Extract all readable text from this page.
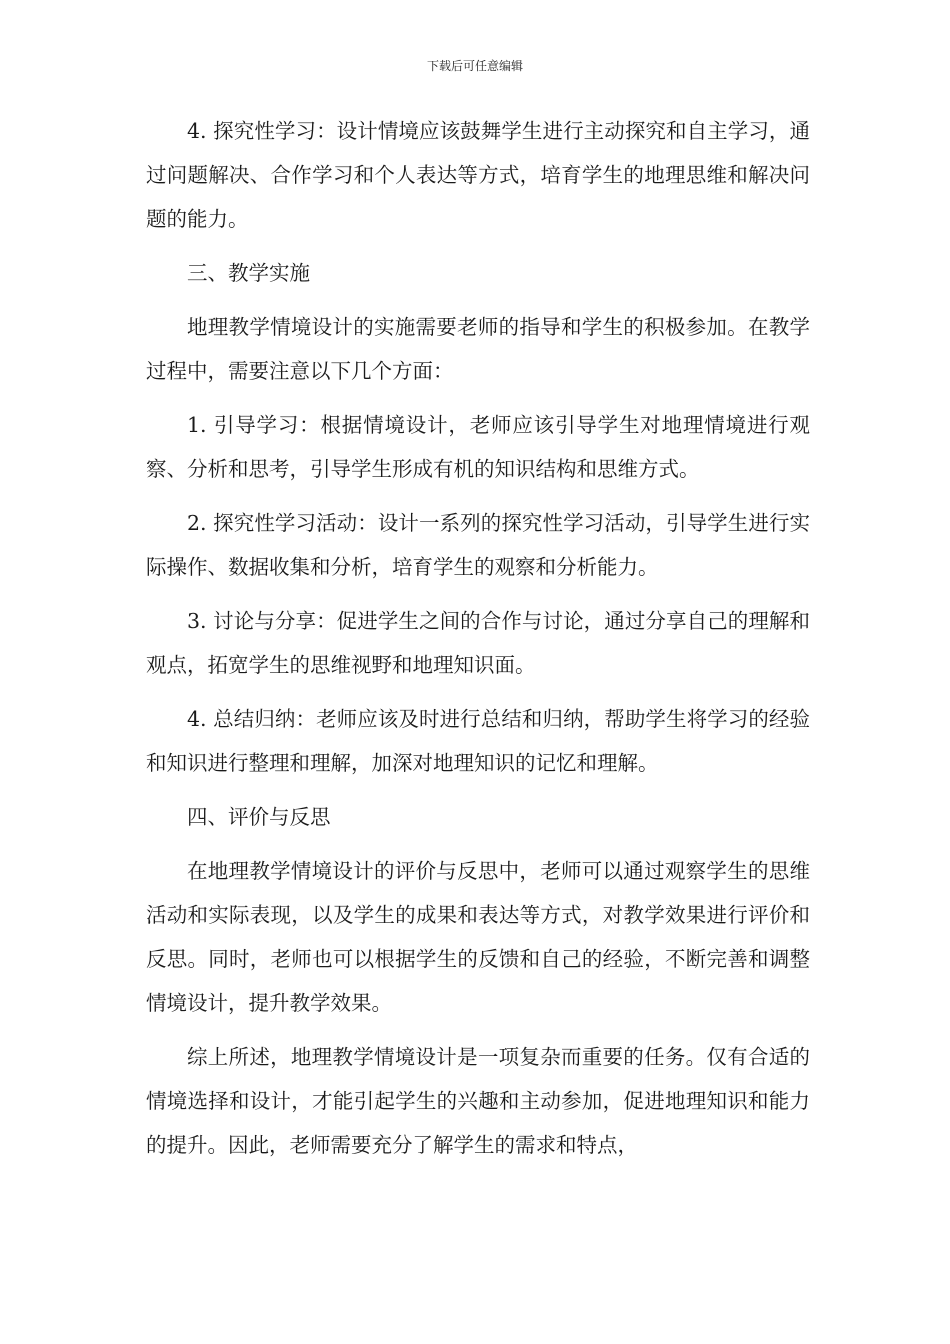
下载后可任意编辑

4. 探究性学习：设计情境应该鼓舞学生进行主动探究和自主学习，通过问题解决、合作学习和个人表达等方式，培育学生的地理思维和解决问题的能力。

三、教学实施

地理教学情境设计的实施需要老师的指导和学生的积极参加。在教学过程中，需要注意以下几个方面：

1. 引导学习：根据情境设计，老师应该引导学生对地理情境进行观察、分析和思考，引导学生形成有机的知识结构和思维方式。

2. 探究性学习活动：设计一系列的探究性学习活动，引导学生进行实际操作、数据收集和分析，培育学生的观察和分析能力。

3. 讨论与分享：促进学生之间的合作与讨论，通过分享自己的理解和观点，拓宽学生的思维视野和地理知识面。

4. 总结归纳：老师应该及时进行总结和归纳，帮助学生将学习的经验和知识进行整理和理解，加深对地理知识的记忆和理解。

四、评价与反思

在地理教学情境设计的评价与反思中，老师可以通过观察学生的思维活动和实际表现，以及学生的成果和表达等方式，对教学效果进行评价和反思。同时，老师也可以根据学生的反馈和自己的经验，不断完善和调整情境设计，提升教学效果。

综上所述，地理教学情境设计是一项复杂而重要的任务。仅有合适的情境选择和设计，才能引起学生的兴趣和主动参加，促进地理知识和能力的提升。因此，老师需要充分了解学生的需求和特点，
